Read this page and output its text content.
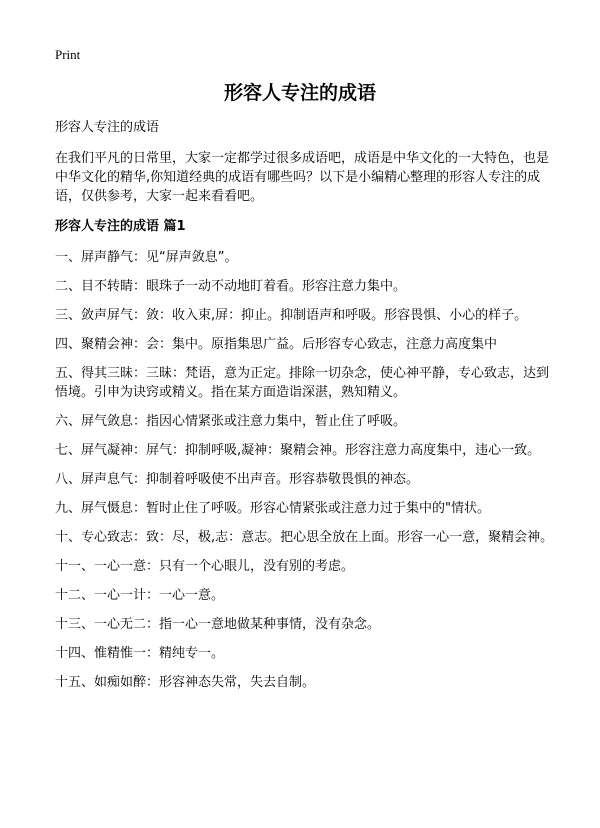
Print
形容人专注的成语

形容人专注的成语

在我们平凡的日常里，大家一定都学过很多成语吧，成语是中华文化的一大特色，也是中华文化的精华,你知道经典的成语有哪些吗？以下是小编精心整理的形容人专注的成语，仅供参考，大家一起来看看吧。

形容人专注的成语 篇1

一、屏声静气：见“屏声敛息”。

二、目不转睛：眼珠子一动不动地盯着看。形容注意力集中。

三、敛声屏气：敛：收入束,屏：抑止。抑制语声和呼吸。形容畏惧、小心的样子。

四、聚精会神：会：集中。原指集思广益。后形容专心致志，注意力高度集中

五、得其三昧：三昧：梵语，意为正定。排除一切杂念，使心神平静，专心致志，达到悟境。引申为诀窍或精义。指在某方面造诣深湛，熟知精义。

六、屏气敛息：指因心情紧张或注意力集中，暂止住了呼吸。

七、屏气凝神：屏气：抑制呼吸,凝神：聚精会神。形容注意力高度集中，违心一致。

八、屏声息气：抑制着呼吸使不出声音。形容恭敬畏惧的神态。

九、屏气慑息：暂时止住了呼吸。形容心情紧张或注意力过于集中的"情状。

十、专心致志：致：尽，极,志：意志。把心思全放在上面。形容一心一意，聚精会神。

十一、一心一意：只有一个心眼儿，没有别的考虑。

十二、一心一计：一心一意。

十三、一心无二：指一心一意地做某种事情，没有杂念。

十四、惟精惟一：精纯专一。

十五、如痴如醉：形容神态失常，失去自制。
